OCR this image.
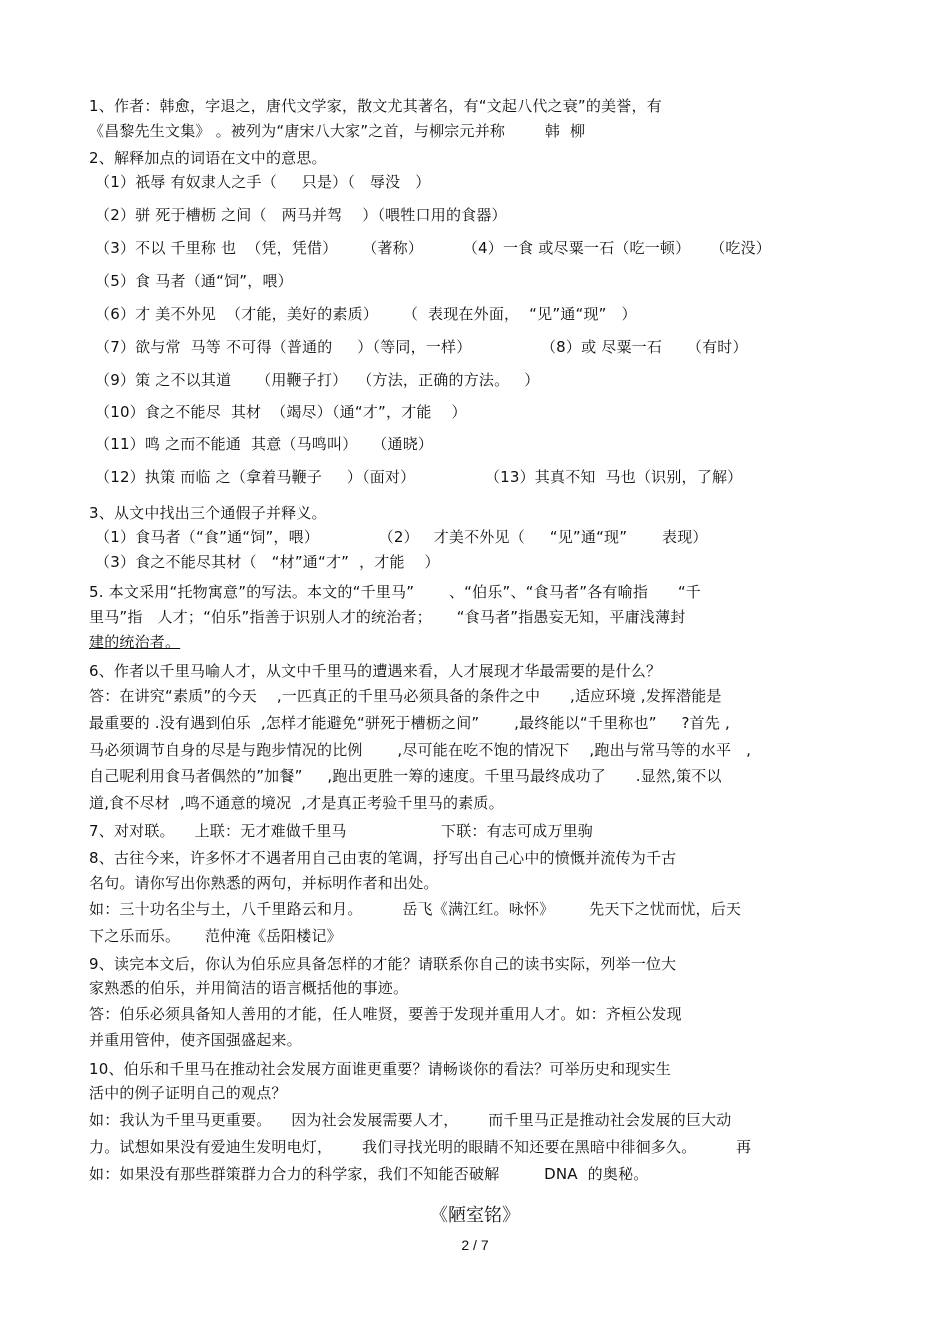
1、作者：韩愈，字退之，唐代文学家，散文尤其著名，有“文起八代之衰”的美誉，有
《昌黎先生文集》 。被列为“唐宋八大家”之首，与柳宗元并称        韩  柳
2、解释加点的词语在文中的意思。
（1）祇辱 有奴隶人之手（     只是）（   辱没   ）
（2）骈 死于槽枥 之间（   两马并驾    ）（喂牲口用的食器）
（3）不以 千里称 也  （凭，凭借）     （著称）        （4）一食 或尽粟一石（吃一顿）    （吃没）
（5）食 马者（通“饲”，喂）
（6）才 美不外见  （才能，美好的素质）     （  表现在外面，  “见”通“现”   ）
（7）欲与常  马等 不可得（普通的     ）（等同，一样）              （8）或 尽粟一石     （有时）
（9）策 之不以其道     （用鞭子打）  （方法，正确的方法。   ）
（10）食之不能尽  其材  （竭尽）（通“才”，才能    ）
（11）鸣 之而不能通  其意（马鸣叫）   （通晓）
（12）执策 而临 之（拿着马鞭子     ）（面对）              （13）其真不知  马也（识别，了解）
3、从文中找出三个通假子并释义。
（1）食马者（“食”通“饲”，喂）            （2）   才美不外见（     “见”通“现”       表现）
（3）食之不能尽其材（   “材”通“才”  ，才能    ）
5. 本文采用“托物寓意”的写法。本文的“千里马”       、“伯乐”、“食马者”各有喻指      “千
里马”指   人才；“伯乐”指善于识别人才的统治者；     “食马者”指愚妄无知，平庸浅薄封
建的统治者。
6、作者以千里马喻人才，从文中千里马的遭遇来看，人才展现才华最需要的是什么？
答：在讲究“素质”的今天    ,一匹真正的千里马必须具备的条件之中      ,适应环境 ,发挥潜能是
最重要的 .没有遇到伯乐  ,怎样才能避免“骈死于槽枥之间”       ,最终能以“千里称也”     ?首先 ,
马必须调节自身的尽是与跑步情况的比例       ,尽可能在吃不饱的情况下    ,跑出与常马等的水平   ,
自己呢利用食马者偶然的”加餐”     ,跑出更胜一筹的速度。千里马最终成功了      .显然,策不以
道,食不尽材  ,鸣不通意的境况  ,才是真正考验千里马的素质。
7、对对联。    上联：无才难做千里马                   下联：有志可成万里驹
8、古往今来，许多怀才不遇者用自己由衷的笔调，抒写出自己心中的愤慨并流传为千古
名句。请你写出你熟悉的两句，并标明作者和出处。
如：三十功名尘与土，八千里路云和月。        岳飞《满江红。咏怀》       先天下之忧而忧，后天
下之乐而乐。     范仲淹《岳阳楼记》
9、读完本文后，你认为伯乐应具备怎样的才能？请联系你自己的读书实际，列举一位大
家熟悉的伯乐，并用简洁的语言概括他的事迹。
答：伯乐必须具备知人善用的才能，任人唯贤，要善于发现并重用人才。如：齐桓公发现
并重用管仲，使齐国强盛起来。
10、伯乐和千里马在推动社会发展方面谁更重要？请畅谈你的看法？可举历史和现实生
活中的例子证明自己的观点？
如：我认为千里马更重要。    因为社会发展需要人才，      而千里马正是推动社会发展的巨大动
力。试想如果没有爱迪生发明电灯，      我们寻找光明的眼睛不知还要在黑暗中徘徊多久。        再
如：如果没有那些群策群力合力的科学家，我们不知能否破解         DNA  的奥秘。
《陋室铭》
2 / 7
